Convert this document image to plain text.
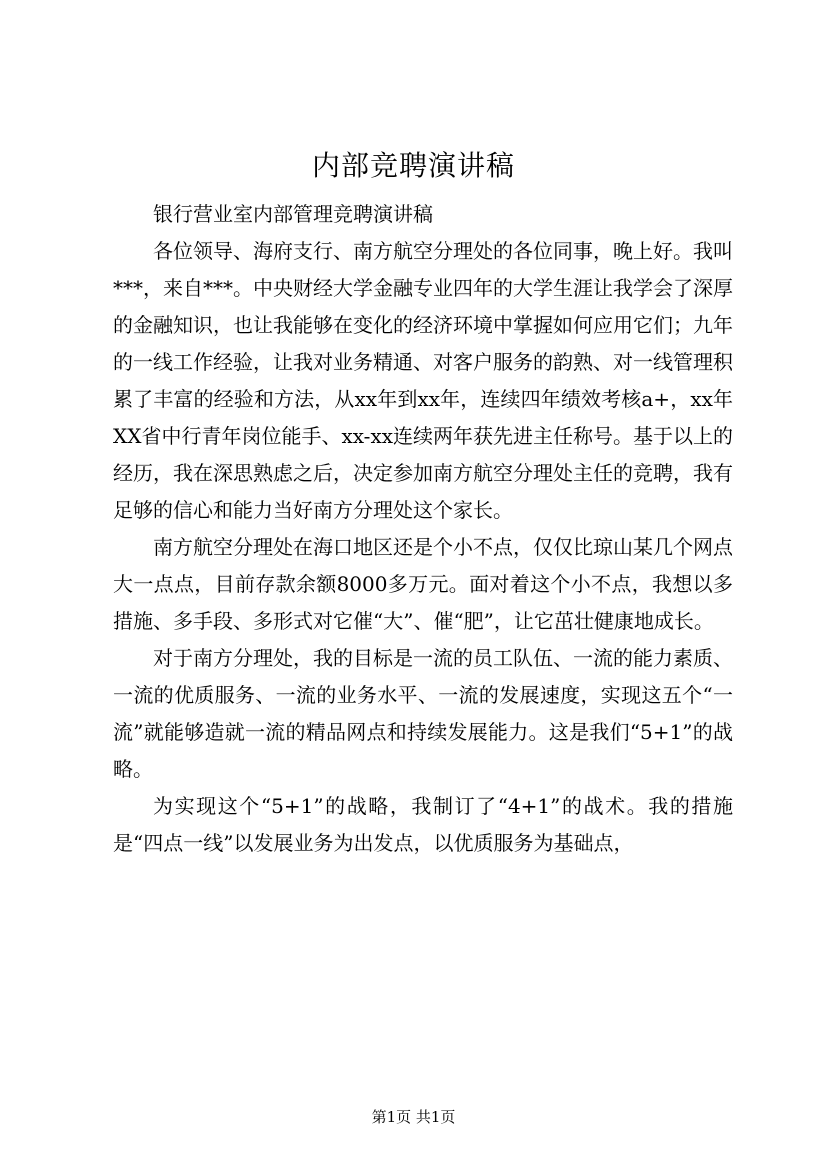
内部竞聘演讲稿

银行营业室内部管理竞聘演讲稿

各位领导、海府支行、南方航空分理处的各位同事，晚上好。我叫***，来自***。中央财经大学金融专业四年的大学生涯让我学会了深厚的金融知识，也让我能够在变化的经济环境中掌握如何应用它们；九年的一线工作经验，让我对业务精通、对客户服务的韵熟、对一线管理积累了丰富的经验和方法，从xx年到xx年，连续四年绩效考核a+，xx年XX省中行青年岗位能手、xx-xx连续两年获先进主任称号。基于以上的经历，我在深思熟虑之后，决定参加南方航空分理处主任的竞聘，我有足够的信心和能力当好南方分理处这个家长。

南方航空分理处在海口地区还是个小不点，仅仅比琼山某几个网点大一点点，目前存款余额8000多万元。面对着这个小不点，我想以多措施、多手段、多形式对它催“大”、催“肥”，让它茁壮健康地成长。

对于南方分理处，我的目标是一流的员工队伍、一流的能力素质、一流的优质服务、一流的业务水平、一流的发展速度，实现这五个“一流”就能够造就一流的精品网点和持续发展能力。这是我们“5+1”的战略。

为实现这个“5+1”的战略，我制订了“4+1”的战术。我的措施是“四点一线”以发展业务为出发点，以优质服务为基础点，

第1页 共1页
